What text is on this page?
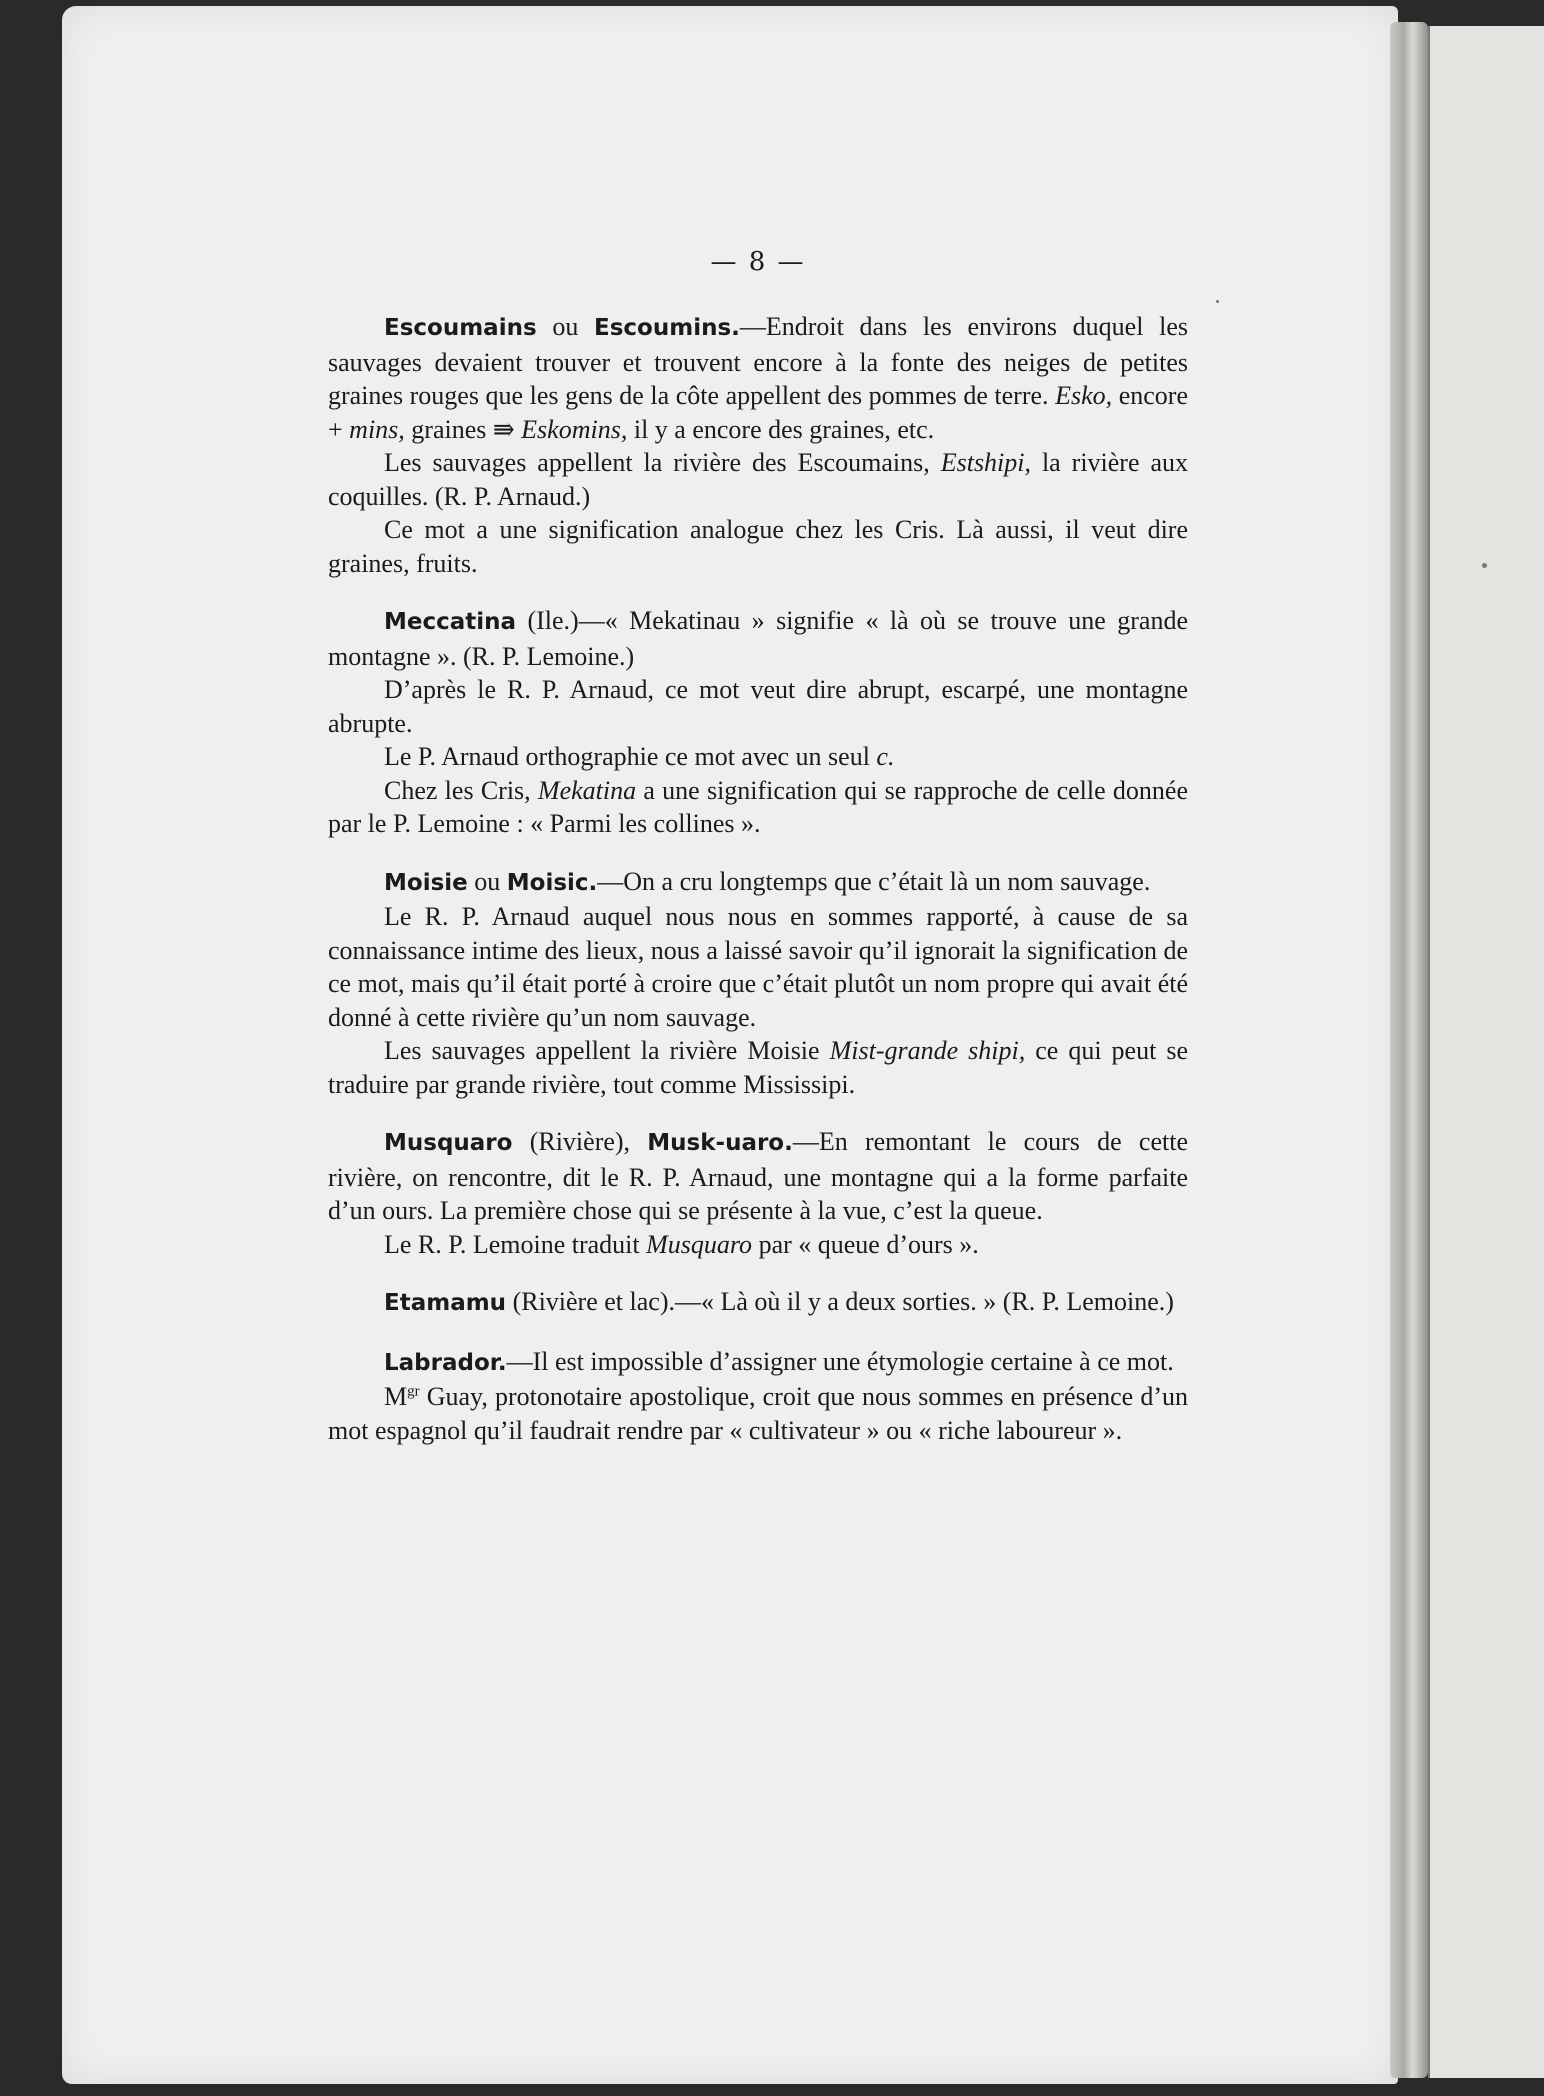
— 8 —

Escoumains ou Escoumins.—Endroit dans les environs duquel les sauvages devaient trouver et trouvent encore à la fonte des neiges de petites graines rouges que les gens de la côte appellent des pommes de terre. Esko, encore + mins, graines ⇛ Eskomins, il y a encore des graines, etc.

Les sauvages appellent la rivière des Escoumains, Estshipi, la rivière aux coquilles. (R. P. Arnaud.)

Ce mot a une signification analogue chez les Cris. Là aussi, il veut dire graines, fruits.

Meccatina (Ile.)—« Mekatinau » signifie « là où se trouve une grande montagne ». (R. P. Lemoine.)

D’après le R. P. Arnaud, ce mot veut dire abrupt, escarpé, une montagne abrupte.

Le P. Arnaud orthographie ce mot avec un seul c.

Chez les Cris, Mekatina a une signification qui se rapproche de celle donnée par le P. Lemoine : « Parmi les collines ».

Moisie ou Moisic.—On a cru longtemps que c’était là un nom sauvage.

Le R. P. Arnaud auquel nous nous en sommes rapporté, à cause de sa connaissance intime des lieux, nous a laissé savoir qu’il ignorait la signification de ce mot, mais qu’il était porté à croire que c’était plutôt un nom propre qui avait été donné à cette rivière qu’un nom sauvage.

Les sauvages appellent la rivière Moisie Mist-grande shipi, ce qui peut se traduire par grande rivière, tout comme Mississipi.

Musquaro (Rivière), Musk-uaro.—En remontant le cours de cette rivière, on rencontre, dit le R. P. Arnaud, une montagne qui a la forme parfaite d’un ours. La première chose qui se présente à la vue, c’est la queue.

Le R. P. Lemoine traduit Musquaro par « queue d’ours ».

Etamamu (Rivière et lac).—« Là où il y a deux sorties. » (R. P. Lemoine.)

Labrador.—Il est impossible d’assigner une étymologie certaine à ce mot.

$M^{gr}$ Guay, protonotaire apostolique, croit que nous sommes en présence d’un mot espagnol qu’il faudrait rendre par « cultivateur » ou « riche laboureur ».
